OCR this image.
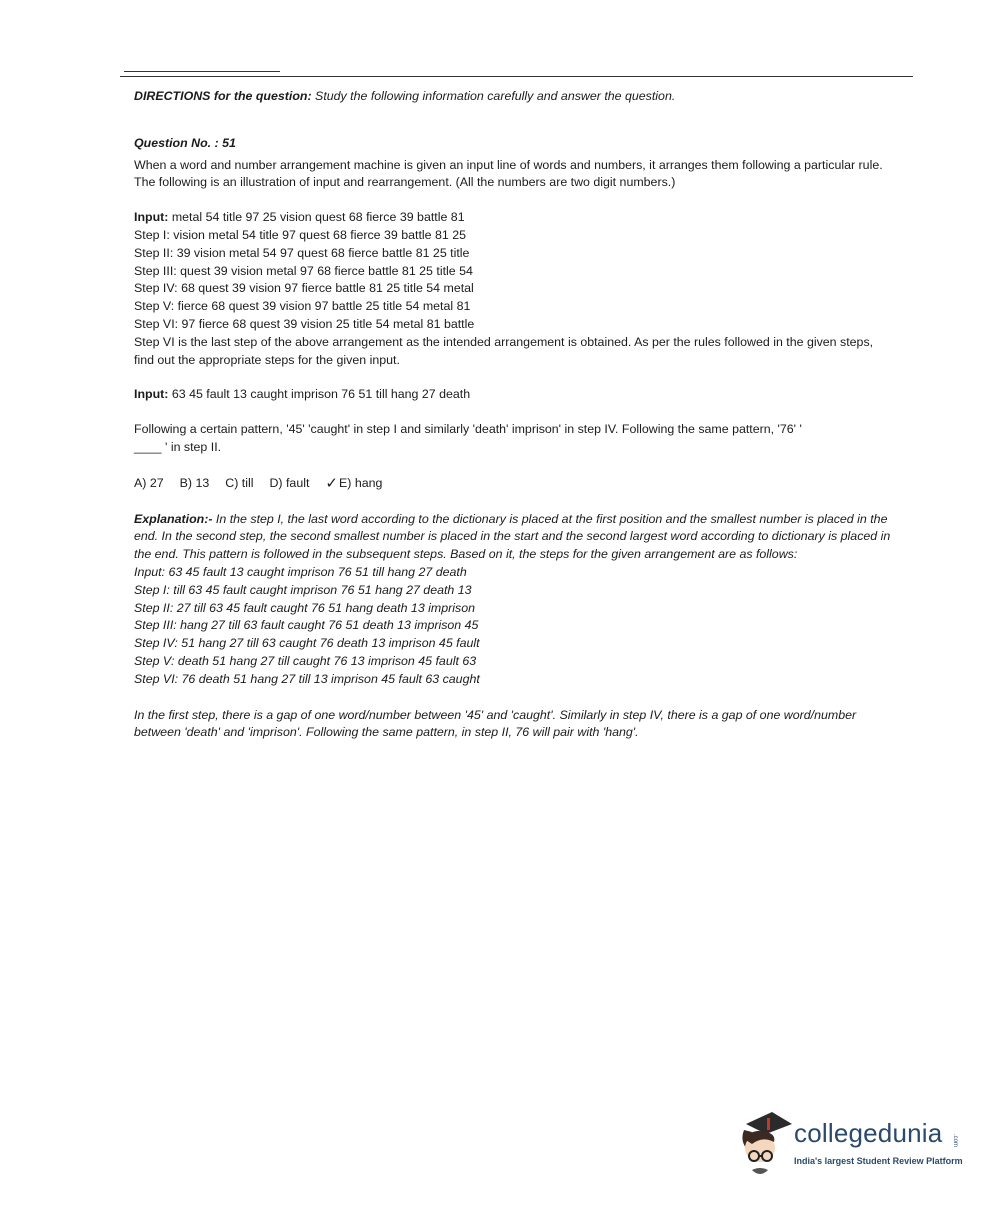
DIRECTIONS for the question: Study the following information carefully and answer the question.

Question No. : 51

When a word and number arrangement machine is given an input line of words and numbers, it arranges them following a particular rule. The following is an illustration of input and rearrangement. (All the numbers are two digit numbers.)

Input: metal 54 title 97 25 vision quest 68 fierce 39 battle 81

Step I: vision metal 54 title 97 quest 68 fierce 39 battle 81 25

Step II: 39 vision metal 54 97 quest 68 fierce battle 81 25 title

Step III: quest 39 vision metal 97 68 fierce battle 81 25 title 54

Step IV: 68 quest 39 vision 97 fierce battle 81 25 title 54 metal

Step V: fierce 68 quest 39 vision 97 battle 25 title 54 metal 81

Step VI: 97 fierce 68 quest 39 vision 25 title 54 metal 81 battle

Step VI is the last step of the above arrangement as the intended arrangement is obtained. As per the rules followed in the given steps, find out the appropriate steps for the given input.

Input: 63 45 fault 13 caught imprison 76 51 till hang 27 death

Following a certain pattern, '45' 'caught' in step I and similarly 'death' imprison' in step IV. Following the same pattern, '76' '

____ ' in step II.

A) 27 B) 13 C) till D) fault ✓ E) hang

Explanation:- In the step I, the last word according to the dictionary is placed at the first position and the smallest number is placed in the end. In the second step, the second smallest number is placed in the start and the second largest word according to dictionary is placed in the end. This pattern is followed in the subsequent steps. Based on it, the steps for the given arrangement are as follows:

Input: 63 45 fault 13 caught imprison 76 51 till hang 27 death

Step I: till 63 45 fault caught imprison 76 51 hang 27 death 13

Step II: 27 till 63 45 fault caught 76 51 hang death 13 imprison

Step III: hang 27 till 63 fault caught 76 51 death 13 imprison 45

Step IV: 51 hang 27 till 63 caught 76 death 13 imprison 45 fault

Step V: death 51 hang 27 till caught 76 13 imprison 45 fault 63

Step VI: 76 death 51 hang 27 till 13 imprison 45 fault 63 caught

In the first step, there is a gap of one word/number between '45' and 'caught'. Similarly in step IV, there is a gap of one word/number between 'death' and 'imprison'. Following the same pattern, in step II, 76 will pair with 'hang'.

collegedunia .com
India's largest Student Review Platform
